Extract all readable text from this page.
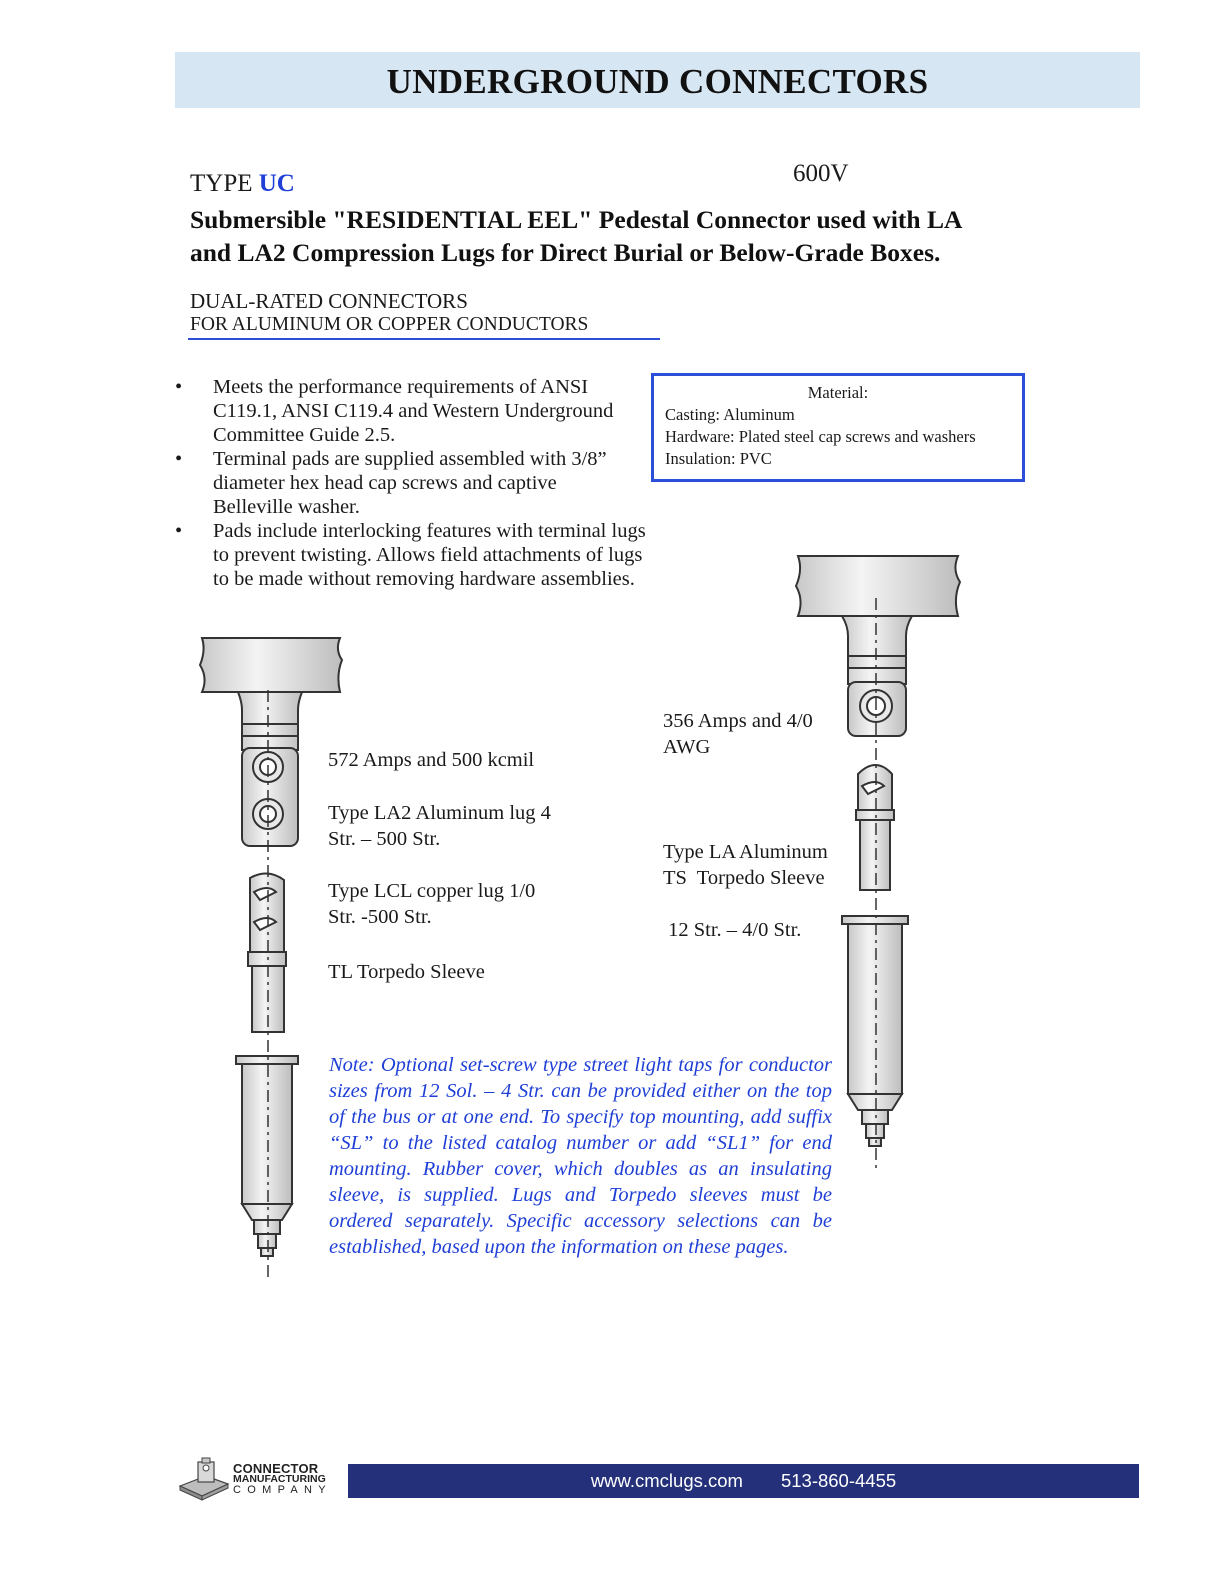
UNDERGROUND CONNECTORS
TYPE UC	600V
Submersible "RESIDENTIAL EEL" Pedestal Connector used with LA
and LA2 Compression Lugs for Direct Burial or Below-Grade Boxes.
DUAL-RATED CONNECTORS
FOR ALUMINUM OR COPPER CONDUCTORS
• Meets the performance requirements of ANSI
C119.1, ANSI C119.4 and Western Underground
Committee Guide 2.5.
• Terminal pads are supplied assembled with 3/8”
diameter hex head cap screws and captive
Belleville washer.
• Pads include interlocking features with terminal lugs
to prevent twisting. Allows field attachments of lugs
to be made without removing hardware assemblies.
Material:
Casting: Aluminum
Hardware: Plated steel cap screws and washers
Insulation: PVC
572 Amps and 500 kcmil
Type LA2 Aluminum lug 4
Str. – 500 Str.
Type LCL copper lug 1/0
Str. -500 Str.
TL Torpedo Sleeve
356 Amps and 4/0
AWG

Type LA Aluminum

12 Str. – 4/0 Str.

TS  Torpedo Sleeve
Note: Optional set-screw type street light taps for conductor sizes from 12 Sol. – 4 Str. can be provided either on the top of the bus or at one end. To specify top mounting, add suffix “SL” to the listed catalog number or add “SL1” for end mounting. Rubber cover, which doubles as an insulating sleeve, is supplied. Lugs and Torpedo sleeves must be ordered separately. Specific accessory selections can be established, based upon the information on these pages.
CONNECTOR
MANUFACTURING
COMPANY	www.cmclugs.com 513-860-4455
